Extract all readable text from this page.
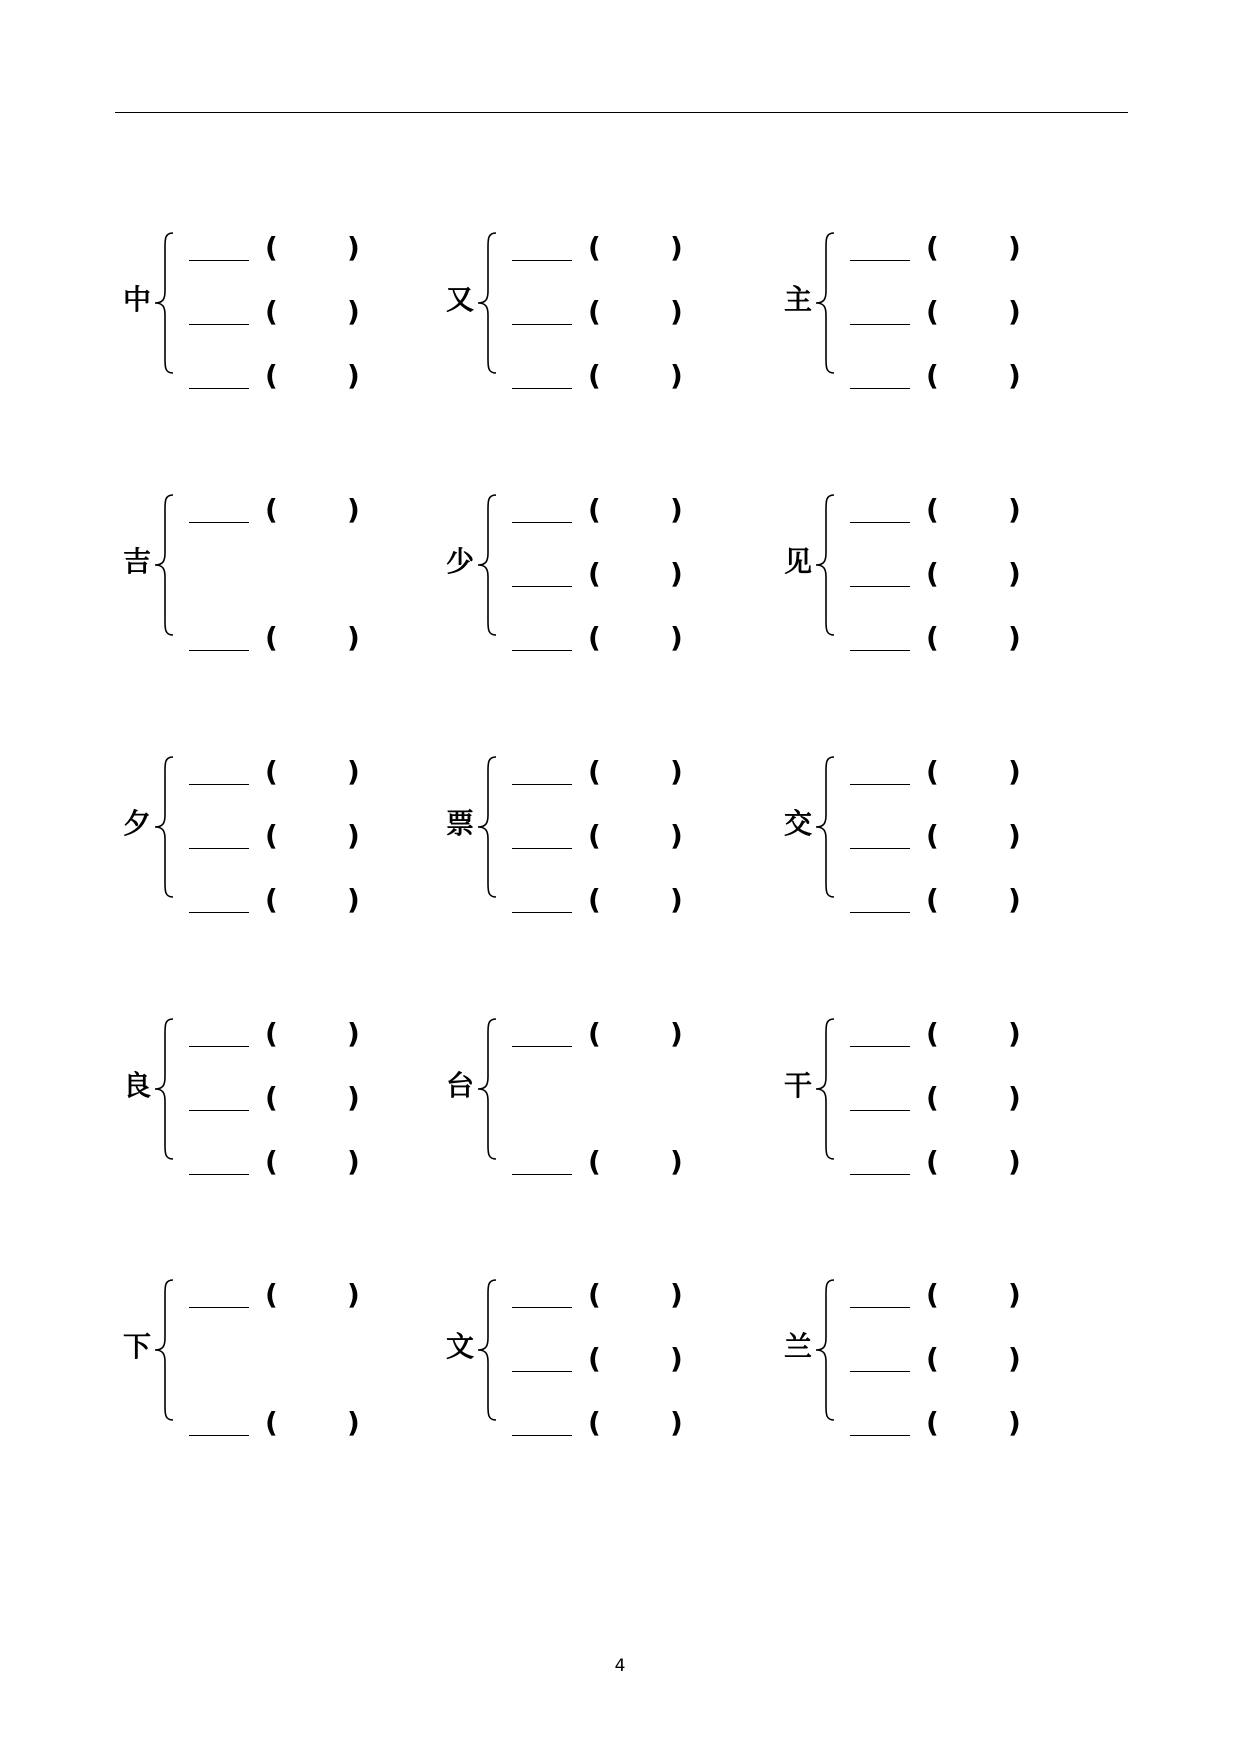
中
( )
( )
( )
又
( )
( )
( )
主
( )
( )
( )
吉
( )
( )
少
( )
( )
( )
见
( )
( )
( )
夕
( )
( )
( )
票
( )
( )
( )
交
( )
( )
( )
良
( )
( )
( )
台
( )
( )
干
( )
( )
( )
下
( )
( )
文
( )
( )
( )
兰
( )
( )
( )
4
